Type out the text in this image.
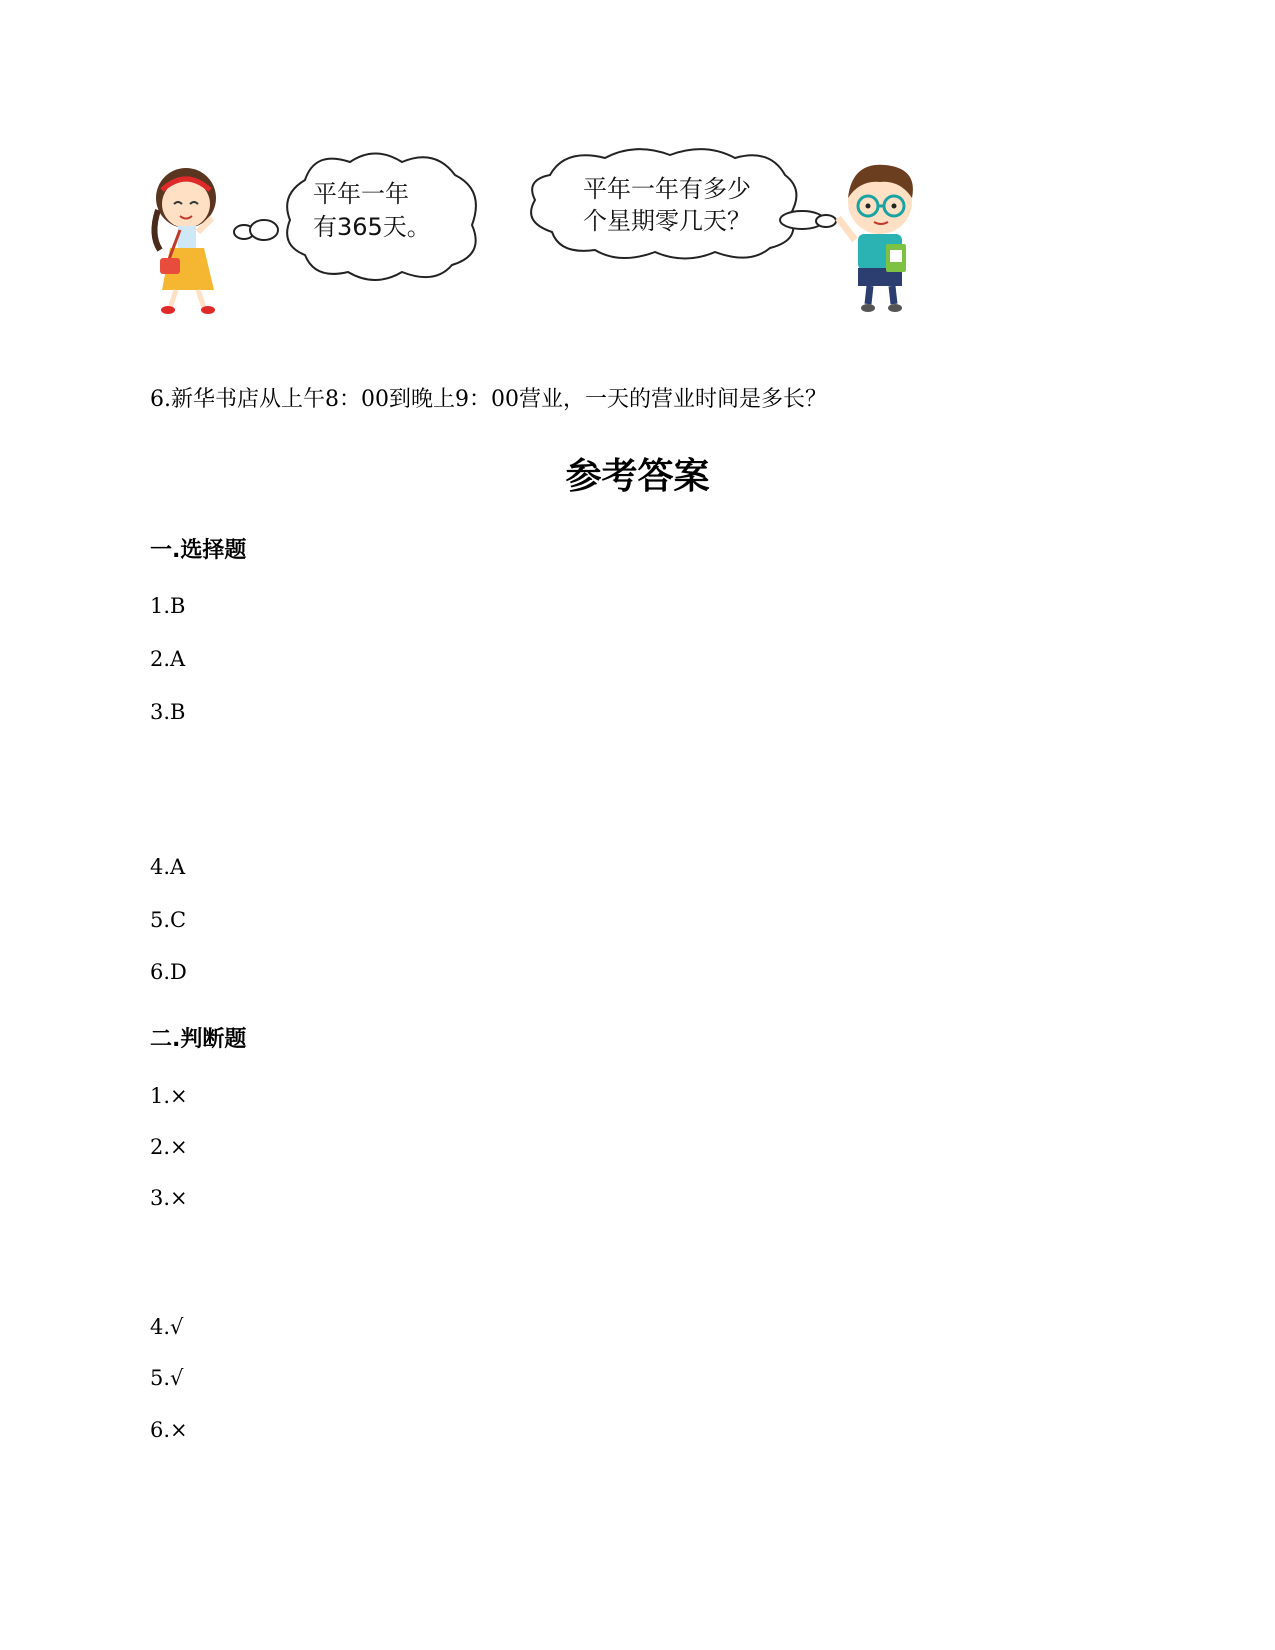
平年一年
有365天。
平年一年有多少
个星期零几天？
6.新华书店从上午8：00到晚上9：00营业，一天的营业时间是多长？
参考答案
一.选择题
1.B
2.A
3.B
4.A
5.C
6.D
二.判断题
1.×
2.×
3.×
4.√
5.√
6.×
